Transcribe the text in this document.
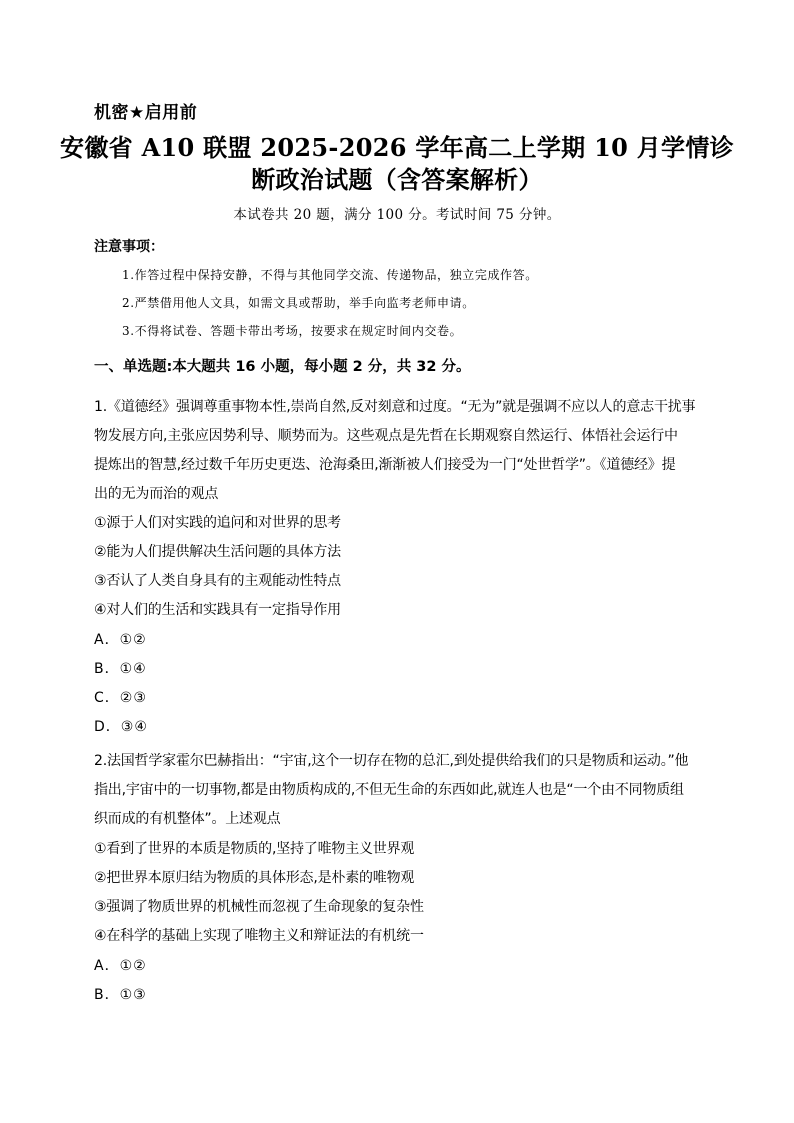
机密★启用前
安徽省 A10 联盟 2025-2026 学年高二上学期 10 月学情诊
断政治试题（含答案解析）
本试卷共 20 题，满分 100 分。考试时间 75 分钟。
注意事项：
1.作答过程中保持安静，不得与其他同学交流、传递物品，独立完成作答。
2.严禁借用他人文具，如需文具或帮助，举手向监考老师申请。
3.不得将试卷、答题卡带出考场，按要求在规定时间内交卷。
一、单选题:本大题共 16 小题，每小题 2 分，共 32 分。
1.《道德经》强调尊重事物本性,崇尚自然,反对刻意和过度。“无为”就是强调不应以人的意志干扰事
物发展方向,主张应因势利导、顺势而为。这些观点是先哲在长期观察自然运行、体悟社会运行中
提炼出的智慧,经过数千年历史更迭、沧海桑田,渐渐被人们接受为一门“处世哲学”。《道德经》提
出的无为而治的观点
①源于人们对实践的追问和对世界的思考
②能为人们提供解决生活问题的具体方法
③否认了人类自身具有的主观能动性特点
④对人们的生活和实践具有一定指导作用
A．①②
B．①④
C．②③
D．③④
2.法国哲学家霍尔巴赫指出：“宇宙,这个一切存在物的总汇,到处提供给我们的只是物质和运动。”他
指出,宇宙中的一切事物,都是由物质构成的,不但无生命的东西如此,就连人也是“一个由不同物质组
织而成的有机整体”。上述观点
①看到了世界的本质是物质的,坚持了唯物主义世界观
②把世界本原归结为物质的具体形态,是朴素的唯物观
③强调了物质世界的机械性而忽视了生命现象的复杂性
④在科学的基础上实现了唯物主义和辩证法的有机统一
A．①②
B．①③
